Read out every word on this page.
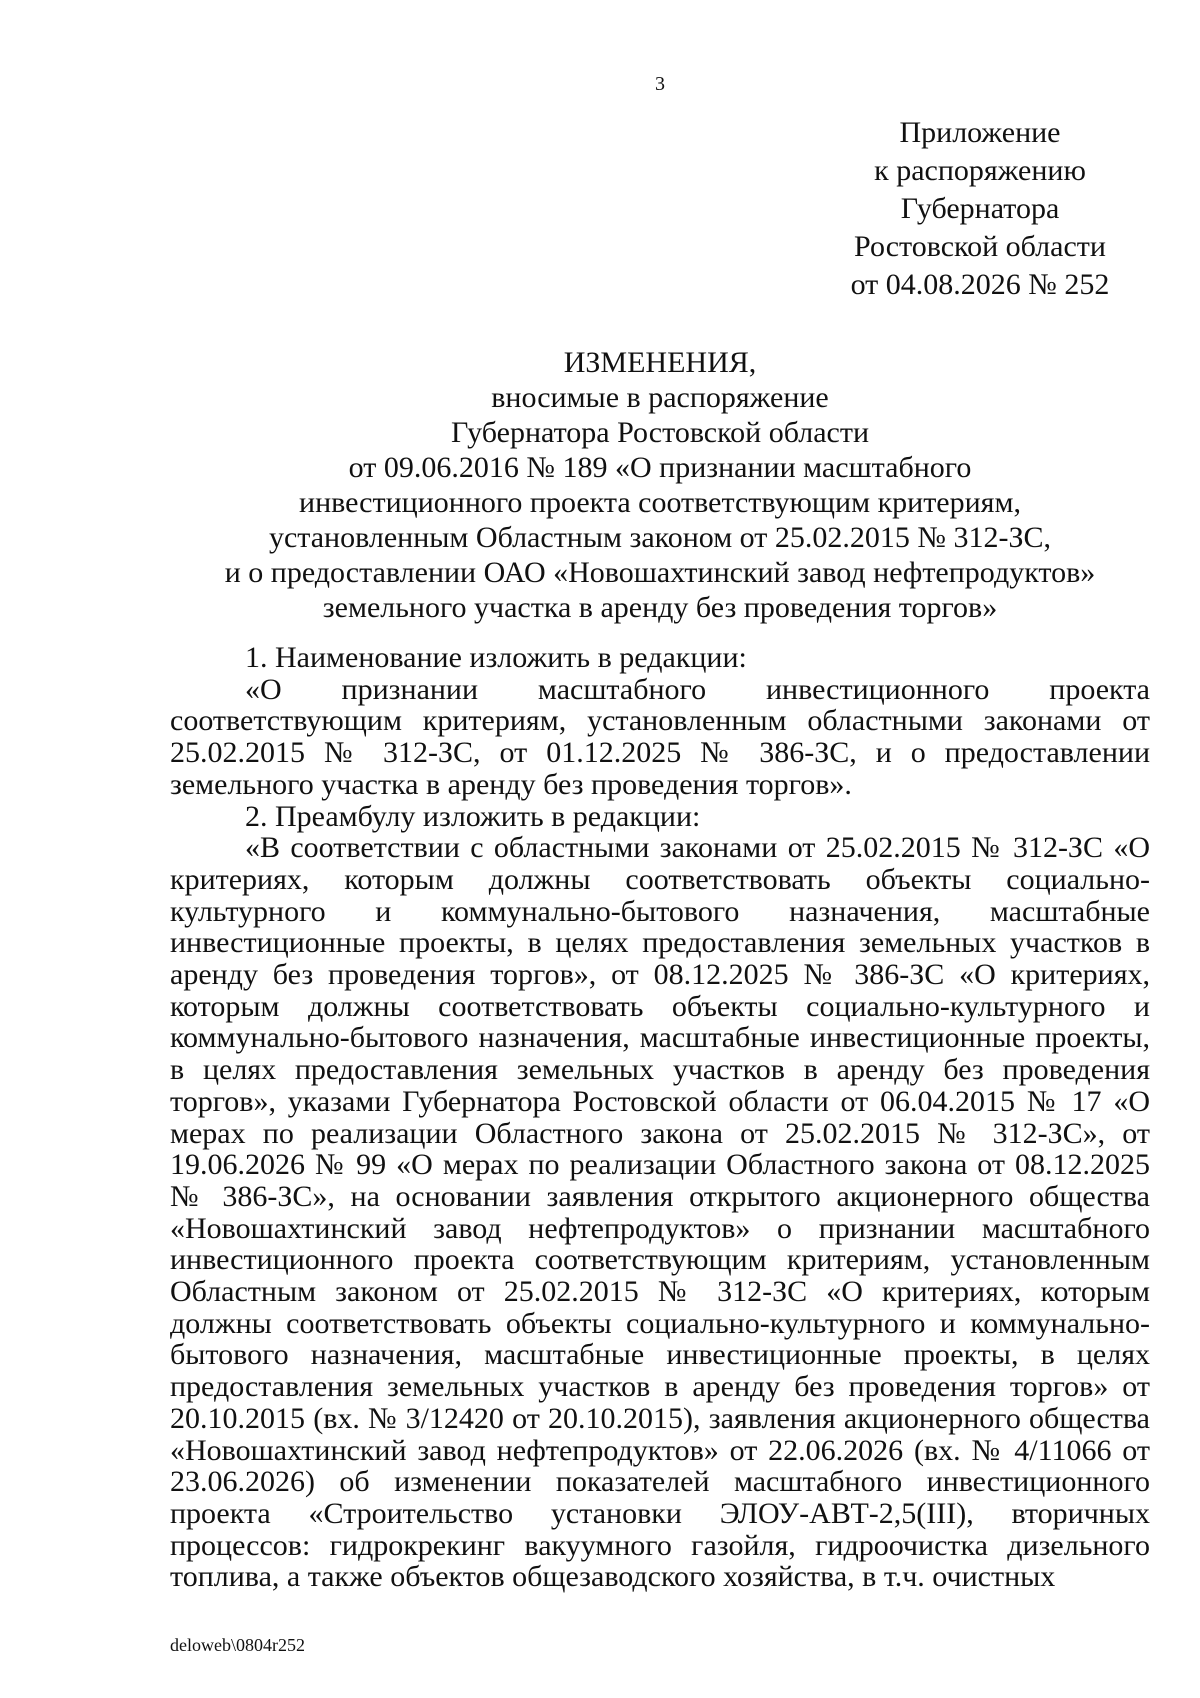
3
Приложение
к распоряжению
Губернатора
Ростовской области
от 04.08.2026 № 252
ИЗМЕНЕНИЯ,
вносимые в распоряжение
Губернатора Ростовской области
от 09.06.2016 № 189 «О признании масштабного
инвестиционного проекта соответствующим критериям,
установленным Областным законом от 25.02.2015 № 312-ЗС,
и о предоставлении ОАО «Новошахтинский завод нефтепродуктов»
земельного участка в аренду без проведения торгов»

1. Наименование изложить в редакции:

«О признании масштабного инвестиционного проекта соответствующим критериям, установленным областными законами от 25.02.2015 № 312-ЗС, от 01.12.2025 № 386-ЗС, и о предоставлении земельного участка в аренду без проведения торгов».

2. Преамбулу изложить в редакции:

«В соответствии с областными законами от 25.02.2015 № 312-ЗС «О критериях, которым должны соответствовать объекты социально-культурного и коммунально-бытового назначения, масштабные инвестиционные проекты, в целях предоставления земельных участков в аренду без проведения торгов», от 08.12.2025 № 386-ЗС «О критериях, которым должны соответствовать объекты социально-культурного и коммунально-бытового назначения, масштабные инвестиционные проекты, в целях предоставления земельных участков в аренду без проведения торгов», указами Губернатора Ростовской области от 06.04.2015 № 17 «О мерах по реализации Областного закона от 25.02.2015 № 312-ЗС», от 19.06.2026 № 99 «О мерах по реализации Областного закона от 08.12.2025 № 386-ЗС», на основании заявления открытого акционерного общества «Новошахтинский завод нефтепродуктов» о признании масштабного инвестиционного проекта соответствующим критериям, установленным Областным законом от 25.02.2015 № 312-ЗС «О критериях, которым должны соответствовать объекты социально-культурного и коммунально-бытового назначения, масштабные инвестиционные проекты, в целях предоставления земельных участков в аренду без проведения торгов» от 20.10.2015 (вх. № 3/12420 от 20.10.2015), заявления акционерного общества «Новошахтинский завод нефтепродуктов» от 22.06.2026 (вх. № 4/11066 от 23.06.2026) об изменении показателей масштабного инвестиционного проекта «Строительство установки ЭЛОУ-АВТ-2,5(III), вторичных процессов: гидрокрекинг вакуумного газойля, гидроочистка дизельного топлива, а также объектов общезаводского хозяйства, в т.ч. очистных

deloweb\0804r252
